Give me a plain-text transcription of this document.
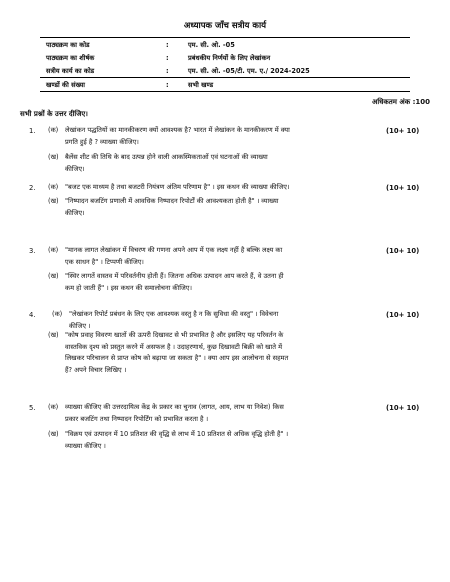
अध्यापक जाँच सत्रीय कार्य
पाठ्यक्रम का कोड	:	एम. सी. ओ. -05
पाठ्यक्रम का शीर्षक	:	प्रबंधकीय निर्णयों के लिए लेखांकन
सत्रीय कार्य का कोड	:	एम. सी. ओ. -05/टी. एम. ए./ 2024-2025
खण्डों की संख्या	:	सभी खण्ड
अधिकतम अंक :100
सभी प्रश्नों के उत्तर दीजिए।
1.	(10+ 10)
(क) लेखांकन पद्धतियों का मानकीकरण क्यों आवश्यक है? भारत में लेखांकन के मानकीकरण में क्या
प्रगति हुई है ? व्याख्या कीजिए।
(ख) बैलेंस शीट की तिथि के बाद उत्पन्न होने वाली आकस्मिकताओं एवं घटनाओं की व्याख्या
कीजिए।
2.	(10+ 10)
(क) "बजट एक माध्यम है तथा बजटरी नियंत्रण अंतिम परिणाम है" । इस कथन की व्याख्या कीजिए।
(ख) "निष्पादन बजटिंग प्रणाली में आवधिक निष्पादन रिपोर्टों की आवश्यकता होती है" । व्याख्या
कीजिए।
3.	(10+ 10)
(क) "मानक लागत लेखांकन में विचरण की गणना अपने आप में एक लक्ष्य नहीं है बल्कि लक्ष्य का
एक साधन है" । टिप्पणी कीजिए।
(ख) "स्थिर लागतें वास्तव में परिवर्तनीय होती हैं। जितना अधिक उत्पादन आप करते हैं, वे उतना ही
कम हो जाती हैं" । इस कथन की समालोचना कीजिए।
4.	(10+ 10)
(क) "लेखांकन रिपोर्ट प्रबंधन के लिए एक आवश्यक वस्तु है न कि सुविधा की वस्तु" । विवेचना
कीजिए ।
(ख) "कोष प्रवाह विवरण खातों की ऊपरी दिखावट से भी प्रभावित है और इसलिए यह परिवर्तन के
वास्तविक दृश्य को प्रस्तुत करने में असफल है । उदाहरणार्थ, कुछ दिखावटी बिक्री को खाते में
लिखकर परिचालन से प्राप्त कोष को बढ़ाया जा सकता है" । क्या आप इस आलोचना से सहमत
हैं? अपने विचार लिखिए ।
5.	(10+ 10)
(क) व्याख्या कीजिए की उत्तरदायित्व केंद्र के प्रकार का चुनाव (लागत, आय, लाभ या निवेश) किस
प्रकार बजटिंग तथा निष्पादन रिपोर्टिंग को प्रभावित करता है ।
(ख) "विक्रय एवं उत्पादन में 10 प्रतिशत की वृद्धि से लाभ में 10 प्रतिशत से अधिक वृद्धि होती है" ।
व्याख्या कीजिए ।
